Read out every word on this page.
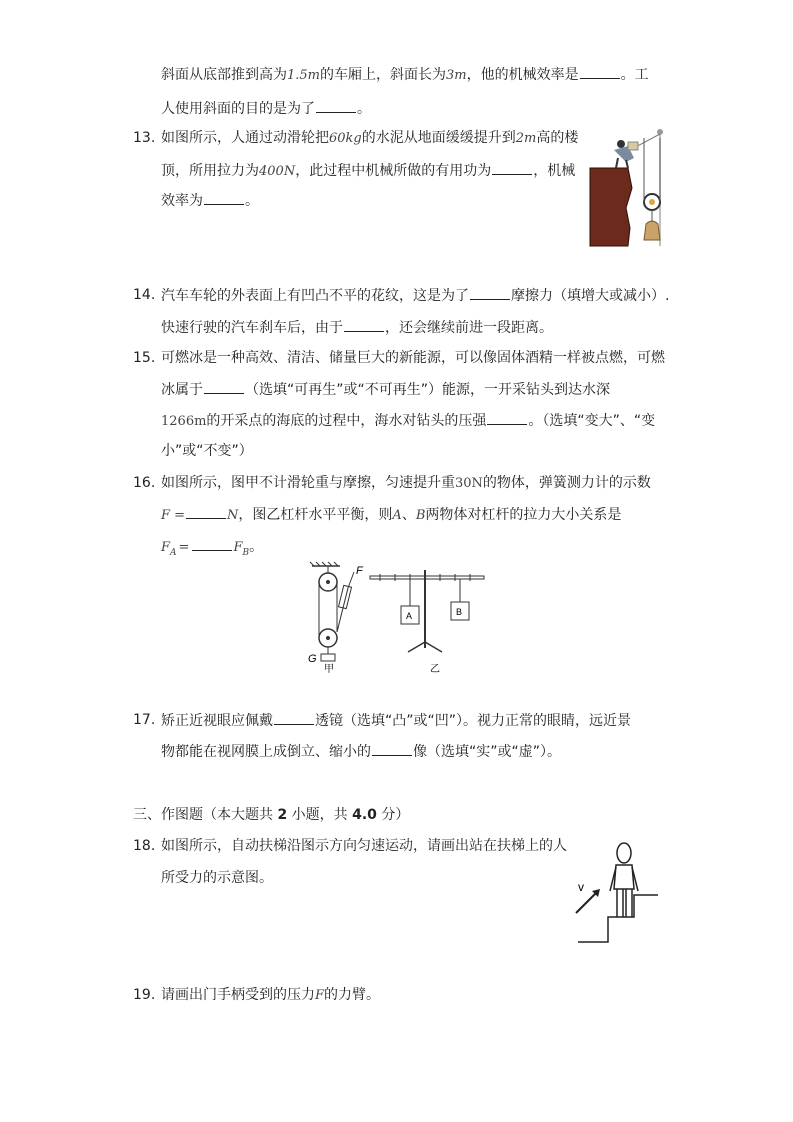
斜面从底部推到高为1.5m的车厢上，斜面长为3m，他的机械效率是	。工
人使用斜面的目的是为了	。
13. 如图所示，人通过动滑轮把60kg的水泥从地面缓缓提升到2m高的楼
顶，所用拉力为400N，此过程中机械所做的有用功为	，机械
效率为	。
14. 汽车车轮的外表面上有凹凸不平的花纹，这是为了	摩擦力（填增大或减小）.
快速行驶的汽车刹车后，由于	，还会继续前进一段距离。
15. 可燃冰是一种高效、清洁、储量巨大的新能源，可以像固体酒精一样被点燃，可燃
冰属于	（选填“可再生”或“不可再生”）能源，一开采钻头到达水深
1266m的开采点的海底的过程中，海水对钻头的压强	。（选填“变大”、“变
小”或“不变”）
16. 如图所示，图甲不计滑轮重与摩擦，匀速提升重30N的物体，弹簧测力计的示数
F =	N，图乙杠杆水平平衡，则A、B两物体对杠杆的拉力大小关系是
$F_A$ =	$F_B$。
F
G
甲
A	B
乙
17. 矫正近视眼应佩戴	透镜（选填“凸”或“凹”）。视力正常的眼睛，远近景
物都能在视网膜上成倒立、缩小的	像（选填“实”或“虚”）。
三、作图题（本大题共 2 小题，共 4.0 分）
18. 如图所示，自动扶梯沿图示方向匀速运动，请画出站在扶梯上的人
所受力的示意图。
v
19. 请画出门手柄受到的压力F的力臂。
